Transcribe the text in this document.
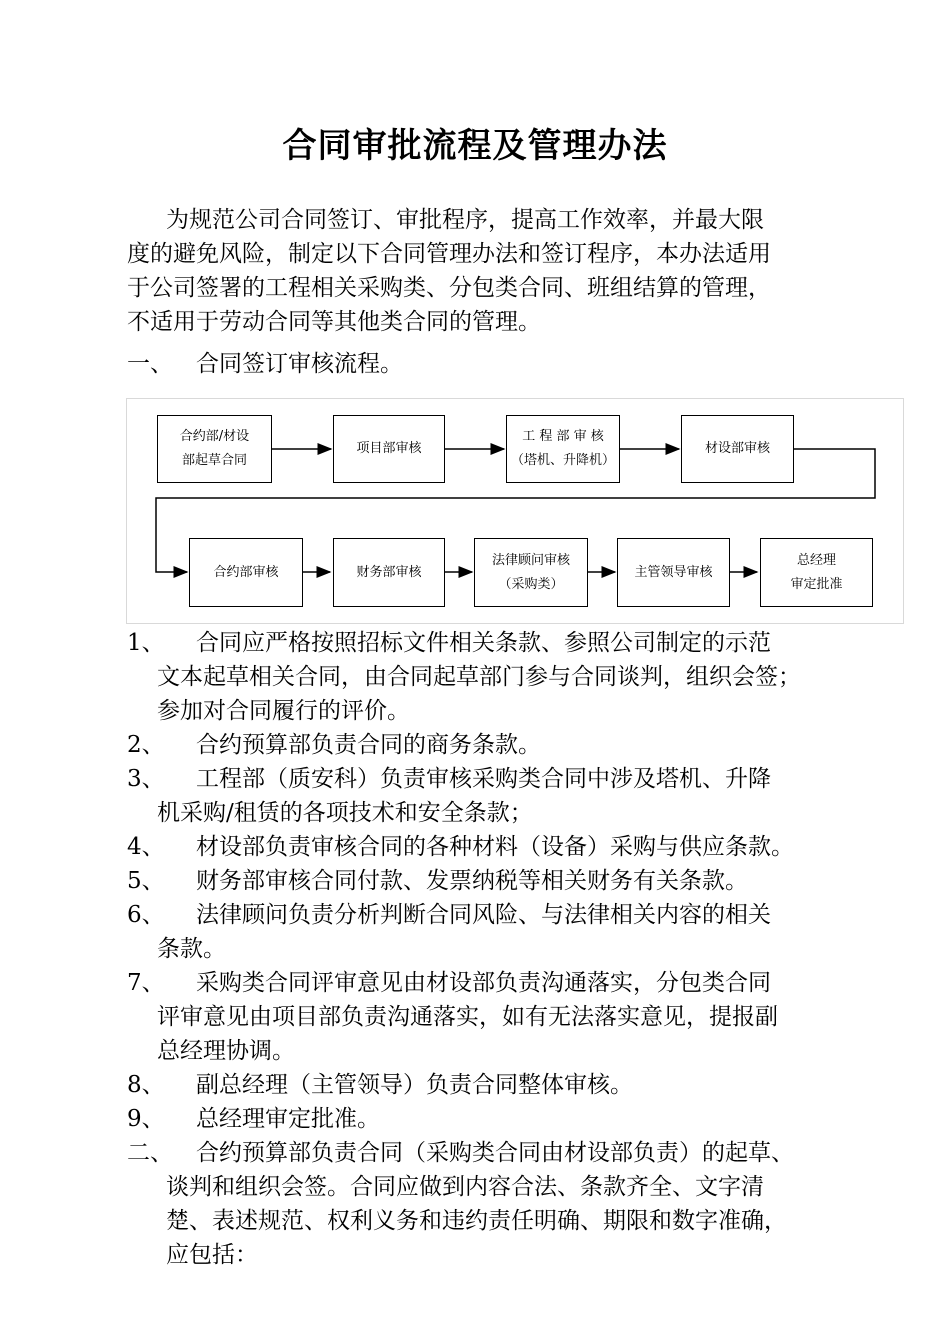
合同审批流程及管理办法
为规范公司合同签订、审批程序，提高工作效率，并最大限
度的避免风险，制定以下合同管理办法和签订程序，本办法适用
于公司签署的工程相关采购类、分包类合同、班组结算的管理，
不适用于劳动合同等其他类合同的管理。
一、 合同签订审核流程。
合约部/材设
部起草合同
项目部审核
工 程 部 审 核
（塔机、升降机）
材设部审核
合约部审核	财务部审核
法律顾问审核
（采购类）
主管领导审核
总经理
审定批准
1、 合同应严格按照招标文件相关条款、参照公司制定的示范
文本起草相关合同，由合同起草部门参与合同谈判，组织会签；
参加对合同履行的评价。
2、 合约预算部负责合同的商务条款。
3、 工程部（质安科）负责审核采购类合同中涉及塔机、升降
机采购/租赁的各项技术和安全条款；
4、 材设部负责审核合同的各种材料（设备）采购与供应条款。
5、 财务部审核合同付款、发票纳税等相关财务有关条款。
6、 法律顾问负责分析判断合同风险、与法律相关内容的相关
条款。
7、 采购类合同评审意见由材设部负责沟通落实，分包类合同
评审意见由项目部负责沟通落实，如有无法落实意见，提报副
总经理协调。
8、 副总经理（主管领导）负责合同整体审核。
9、 总经理审定批准。
二、 合约预算部负责合同（采购类合同由材设部负责）的起草、
谈判和组织会签。合同应做到内容合法、条款齐全、文字清
楚、表述规范、权利义务和违约责任明确、期限和数字准确，
应包括：
